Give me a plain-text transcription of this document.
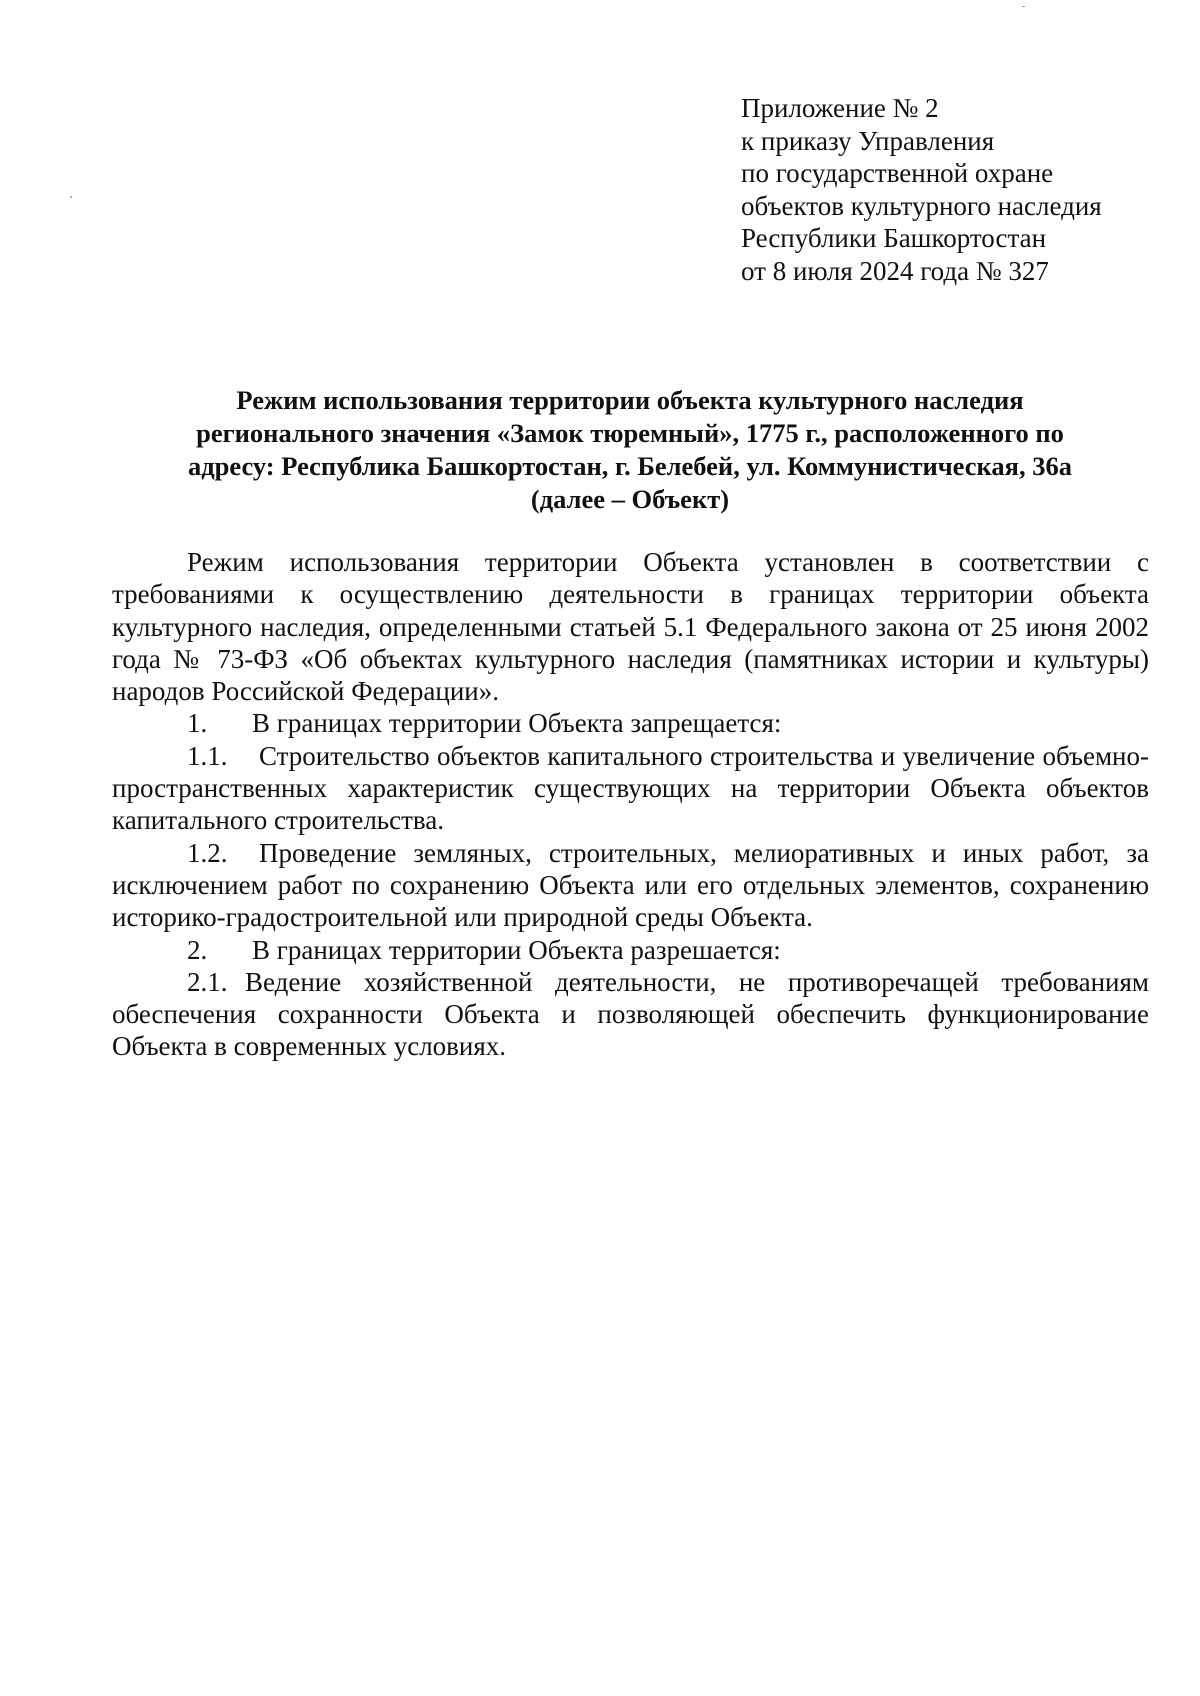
Приложение № 2
к приказу Управления
по государственной охране
объектов культурного наследия
Республики Башкортостан
от 8 июля 2024 года № 327
Режим использования территории объекта культурного наследия
регионального значения «Замок тюремный», 1775 г., расположенного по
адресу: Республика Башкортостан, г. Белебей, ул. Коммунистическая, 36а
(далее – Объект)

Режим использования территории Объекта установлен в соответствии с требованиями к осуществлению деятельности в границах территории объекта культурного наследия, определенными статьей 5.1 Федерального закона от 25 июня 2002 года № 73-ФЗ «Об объектах культурного наследия (памятниках истории и культуры) народов Российской Федерации».

1. В границах территории Объекта запрещается:

1.1. Строительство объектов капитального строительства и увеличение объемно-пространственных характеристик существующих на территории Объекта объектов капитального строительства.

1.2. Проведение земляных, строительных, мелиоративных и иных работ, за исключением работ по сохранению Объекта или его отдельных элементов, сохранению историко-градостроительной или природной среды Объекта.

2. В границах территории Объекта разрешается:

2.1. Ведение хозяйственной деятельности, не противоречащей требованиям обеспечения сохранности Объекта и позволяющей обеспечить функционирование Объекта в современных условиях.
